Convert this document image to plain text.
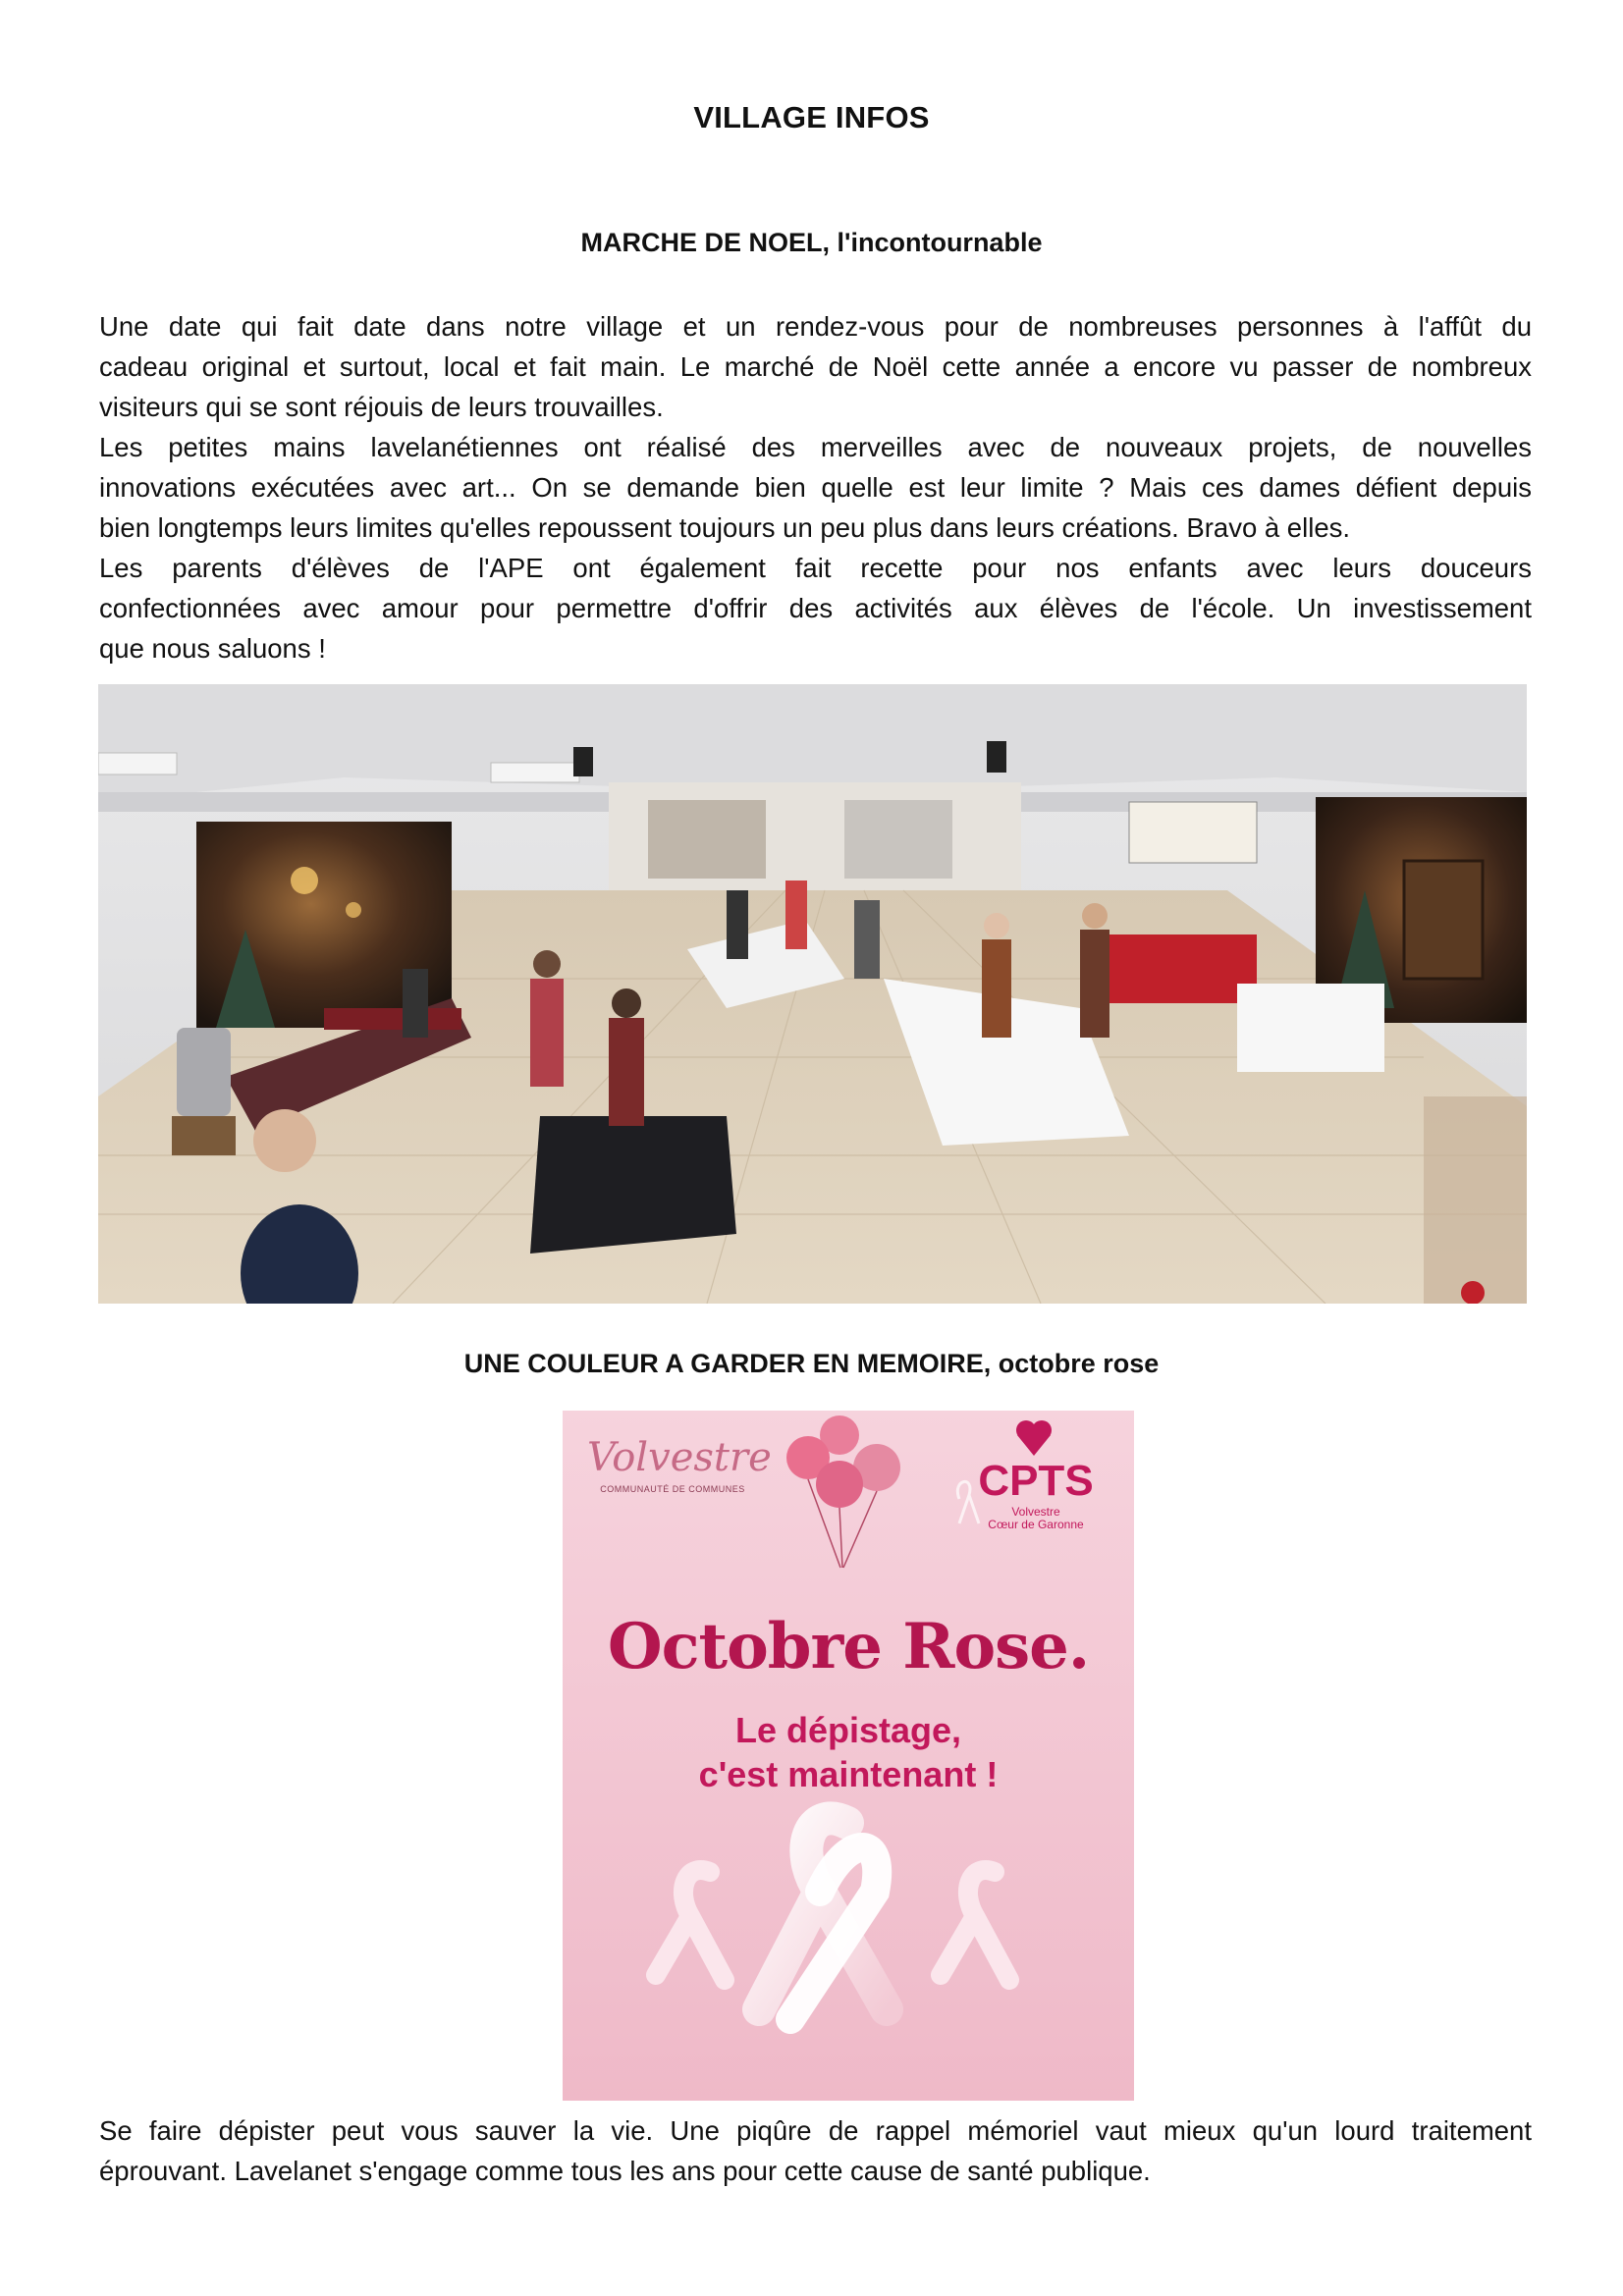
VILLAGE INFOS
MARCHE DE NOEL, l'incontournable

Une date qui fait date dans notre village et un rendez-vous pour de nombreuses personnes à l'affût du
cadeau original et surtout, local et fait main. Le marché de Noël cette année a encore vu passer de nombreux
visiteurs qui se sont réjouis de leurs trouvailles.
Les petites mains lavelanétiennes ont réalisé des merveilles avec de nouveaux projets, de nouvelles
innovations exécutées avec art... On se demande bien quelle est leur limite ? Mais ces dames défient depuis
bien longtemps leurs limites qu'elles repoussent toujours un peu plus dans leurs créations. Bravo à elles.
Les parents d'élèves de l'APE ont également fait recette pour nos enfants avec leurs douceurs
confectionnées avec amour pour permettre d'offrir des activités aux élèves de l'école. Un investissement
que nous saluons !

UNE COULEUR A GARDER EN MEMOIRE, octobre rose
Volvestre
COMMUNAUTÉ DE COMMUNES	CPTS
Volvestre
Cœur de Garonne
Octobre Rose.
Le dépistage,
c'est maintenant !

Se faire dépister peut vous sauver la vie. Une piqûre de rappel mémoriel vaut mieux qu'un lourd traitement
éprouvant. Lavelanet s'engage comme tous les ans pour cette cause de santé publique.
